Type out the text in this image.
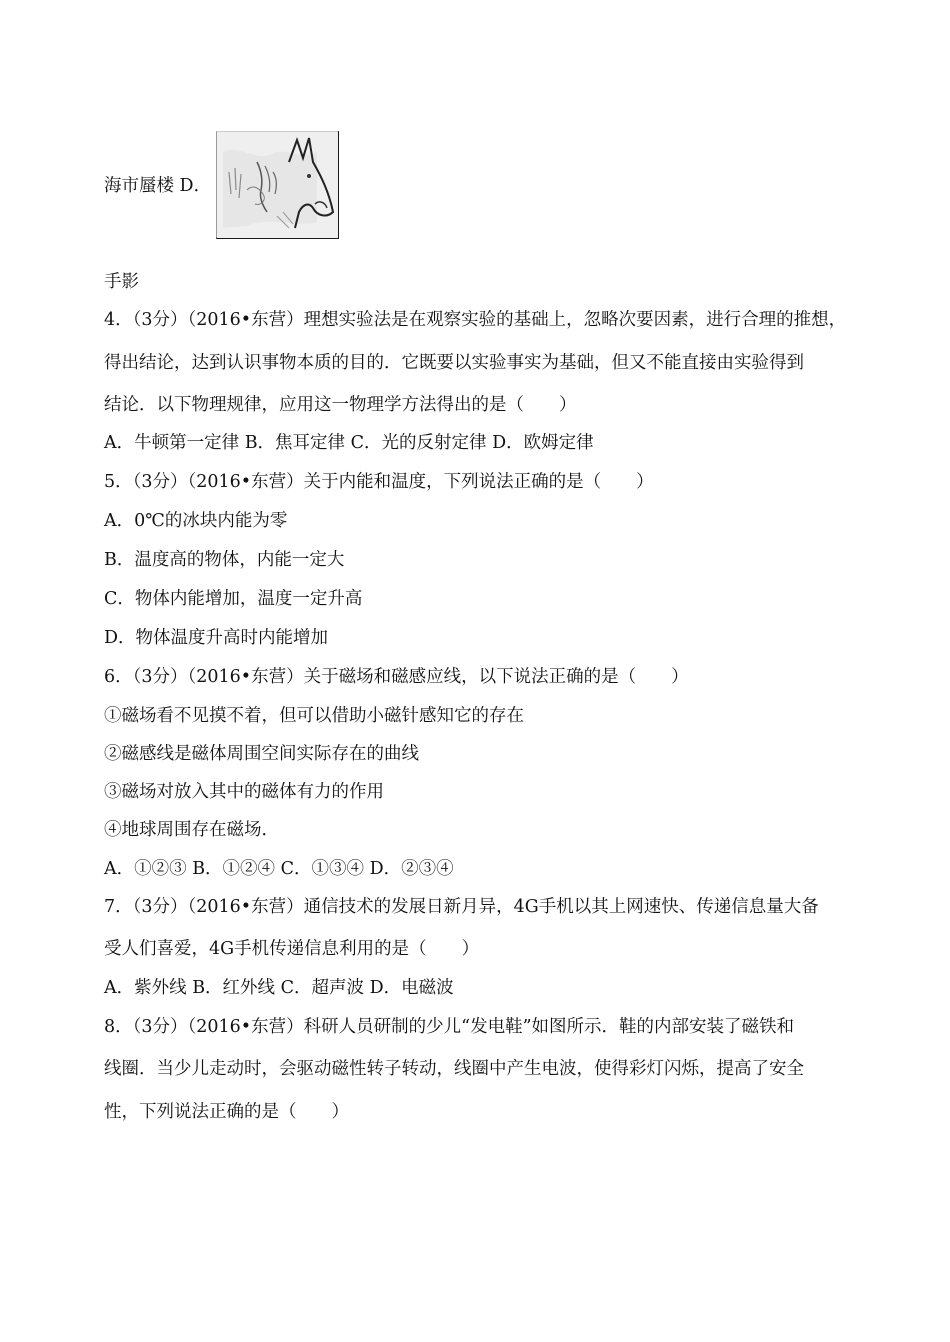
海市蜃楼 D．
手影
4．（3分）（2016•东营）理想实验法是在观察实验的基础上，忽略次要因素，进行合理的推想，
得出结论，达到认识事物本质的目的．它既要以实验事实为基础，但又不能直接由实验得到
结论．以下物理规律，应用这一物理学方法得出的是（　　）
A．牛顿第一定律 B．焦耳定律 C．光的反射定律 D．欧姆定律
5．（3分）（2016•东营）关于内能和温度，下列说法正确的是（　　）
A．0℃的冰块内能为零
B．温度高的物体，内能一定大
C．物体内能增加，温度一定升高
D．物体温度升高时内能增加
6．（3分）（2016•东营）关于磁场和磁感应线，以下说法正确的是（　　）
①磁场看不见摸不着，但可以借助小磁针感知它的存在
②磁感线是磁体周围空间实际存在的曲线
③磁场对放入其中的磁体有力的作用
④地球周围存在磁场．
A．①②③ B．①②④ C．①③④ D．②③④
7．（3分）（2016•东营）通信技术的发展日新月异，4G手机以其上网速快、传递信息量大备
受人们喜爱，4G手机传递信息利用的是（　　）
A．紫外线 B．红外线 C．超声波 D．电磁波
8．（3分）（2016•东营）科研人员研制的少儿“发电鞋”如图所示．鞋的内部安装了磁铁和
线圈．当少儿走动时，会驱动磁性转子转动，线圈中产生电波，使得彩灯闪烁，提高了安全
性，下列说法正确的是（　　）
